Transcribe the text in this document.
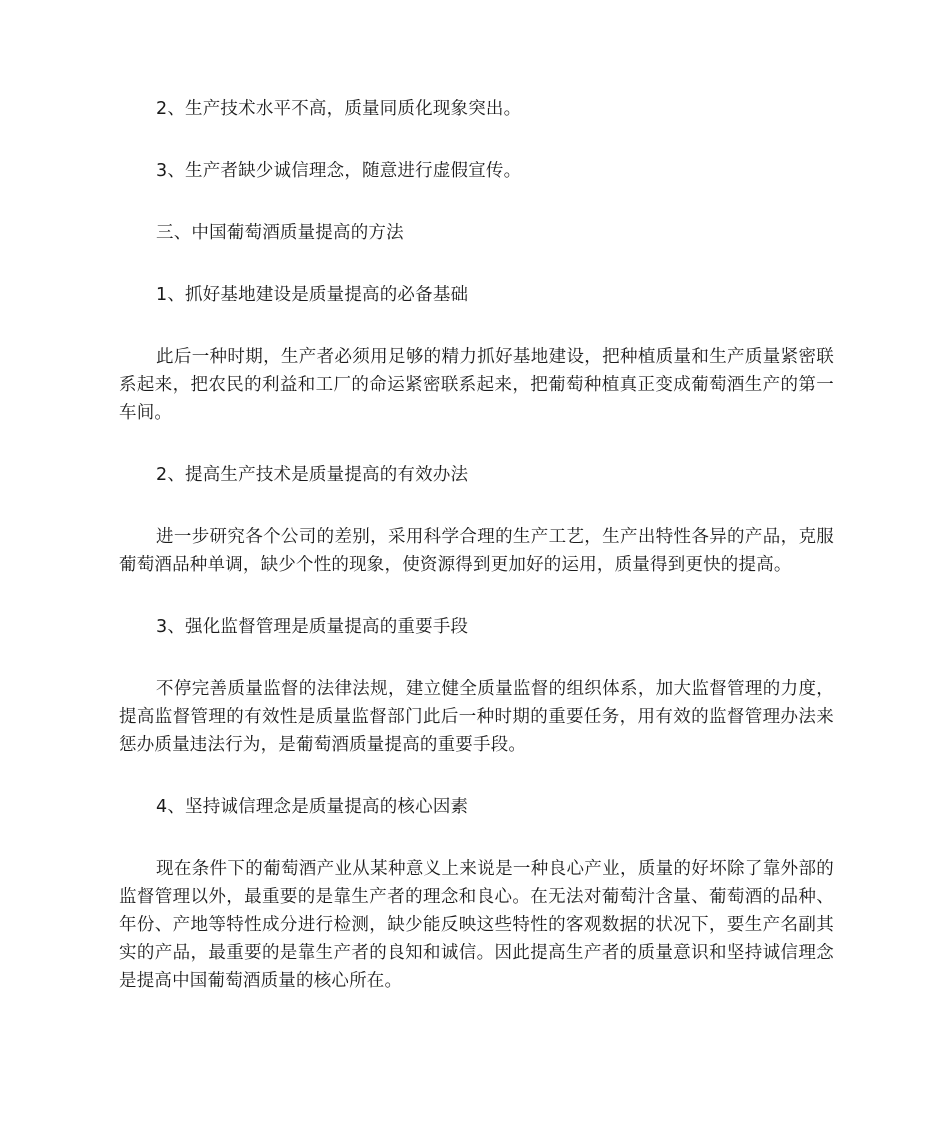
2、生产技术水平不高，质量同质化现象突出。

3、生产者缺少诚信理念，随意进行虚假宣传。

三、中国葡萄酒质量提高的方法

1、抓好基地建设是质量提高的必备基础

此后一种时期，生产者必须用足够的精力抓好基地建设，把种植质量和生产质量紧密联系起来，把农民的利益和工厂的命运紧密联系起来，把葡萄种植真正变成葡萄酒生产的第一车间。

2、提高生产技术是质量提高的有效办法

进一步研究各个公司的差别，采用科学合理的生产工艺，生产出特性各异的产品，克服葡萄酒品种单调，缺少个性的现象，使资源得到更加好的运用，质量得到更快的提高。

3、强化监督管理是质量提高的重要手段

不停完善质量监督的法律法规，建立健全质量监督的组织体系，加大监督管理的力度，提高监督管理的有效性是质量监督部门此后一种时期的重要任务，用有效的监督管理办法来惩办质量违法行为，是葡萄酒质量提高的重要手段。

4、坚持诚信理念是质量提高的核心因素

现在条件下的葡萄酒产业从某种意义上来说是一种良心产业，质量的好坏除了靠外部的监督管理以外，最重要的是靠生产者的理念和良心。在无法对葡萄汁含量、葡萄酒的品种、年份、产地等特性成分进行检测，缺少能反映这些特性的客观数据的状况下，要生产名副其实的产品，最重要的是靠生产者的良知和诚信。因此提高生产者的质量意识和坚持诚信理念是提高中国葡萄酒质量的核心所在。
